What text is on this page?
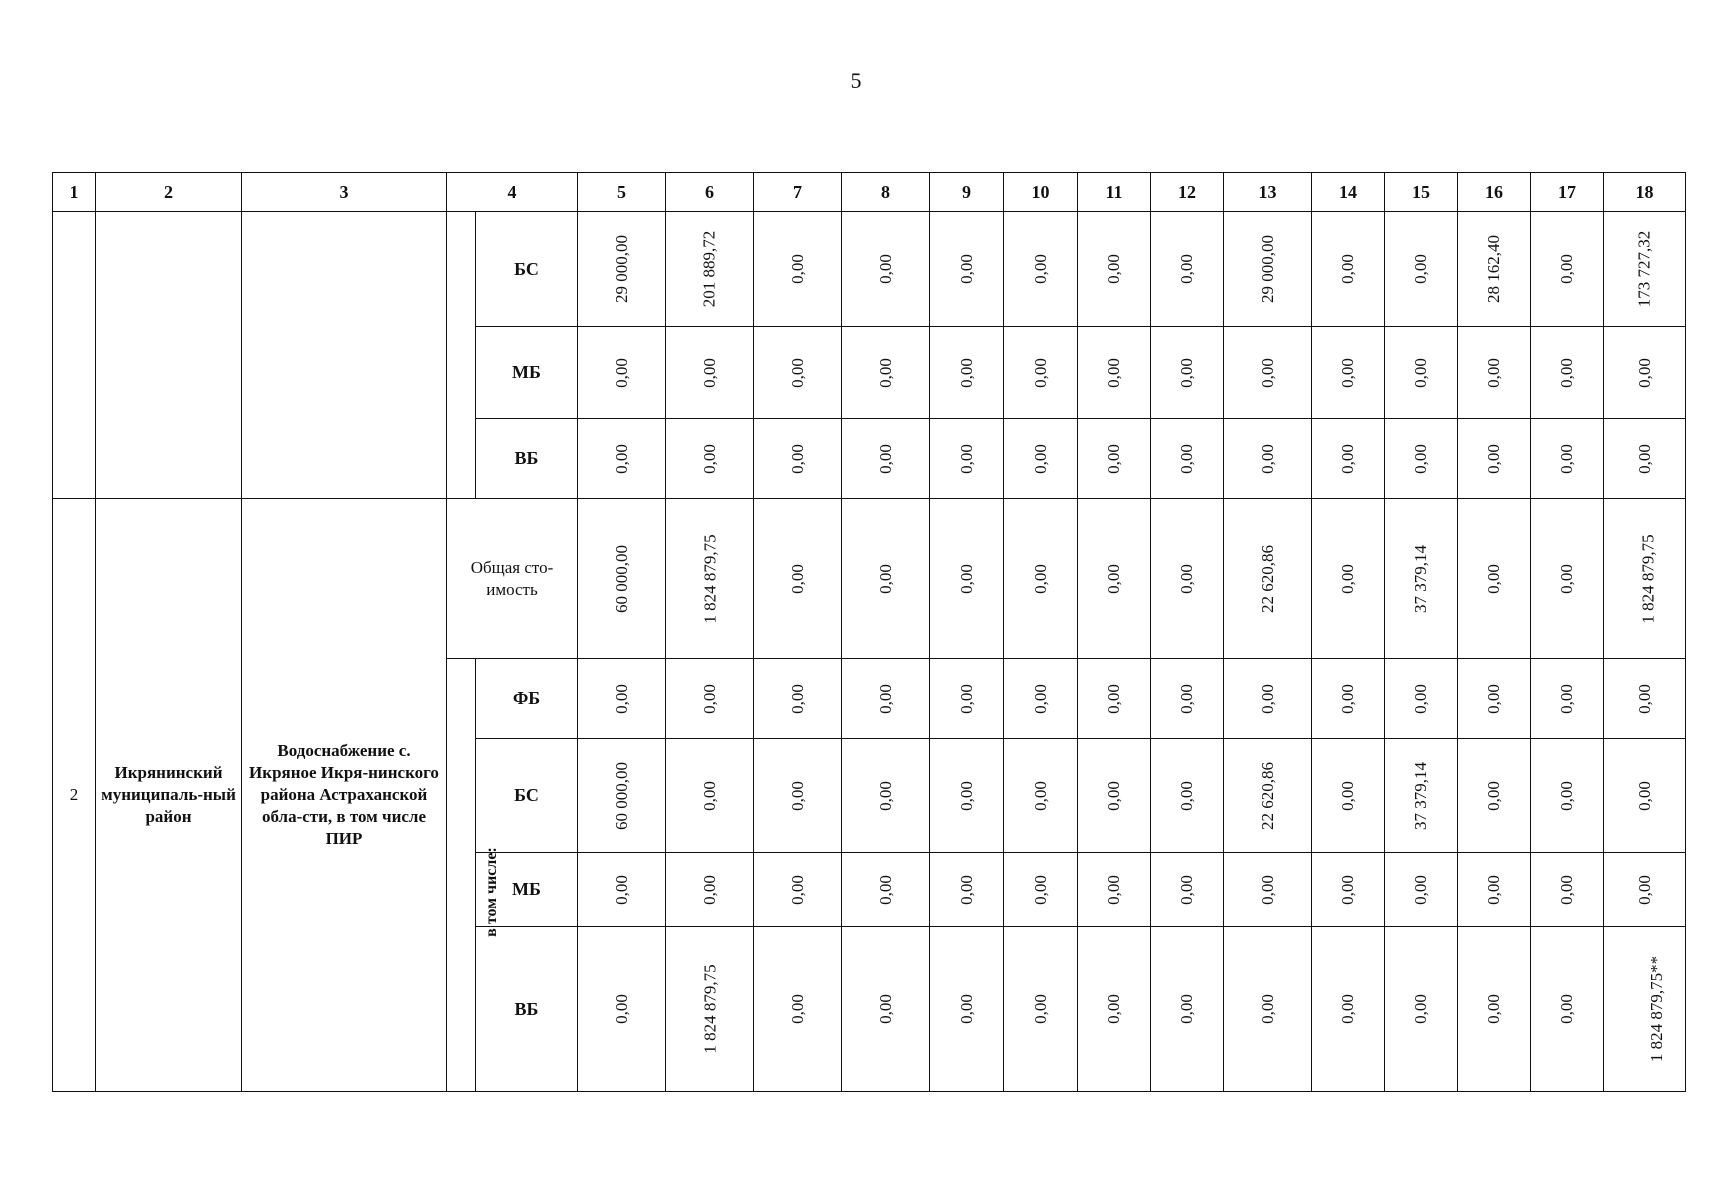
5
1	2	3	4		5	6	7	8	9	10	11	12	13	14	15	16	17	18
				БС	29 000,00	201 889,72	0,00	0,00	0,00	0,00	0,00	0,00	29 000,00	0,00	0,00	28 162,40	0,00	173 727,32
				МБ	0,00	0,00	0,00	0,00	0,00	0,00	0,00	0,00	0,00	0,00	0,00	0,00	0,00	0,00
				ВБ	0,00	0,00	0,00	0,00	0,00	0,00	0,00	0,00	0,00	0,00	0,00	0,00	0,00	0,00
2	Икрянинский муниципаль-ный район	Водоснабжение с. Икряное Икря-нинского района Астраханской обла-сти, в том числе ПИР	Общая сто-имость		60 000,00	1 824 879,75	0,00	0,00	0,00	0,00	0,00	0,00	22 620,86	0,00	37 379,14	0,00	0,00	1 824 879,75
			в том числе:	ФБ	0,00	0,00	0,00	0,00	0,00	0,00	0,00	0,00	0,00	0,00	0,00	0,00	0,00	0,00
				БС	60 000,00	0,00	0,00	0,00	0,00	0,00	0,00	0,00	22 620,86	0,00	37 379,14	0,00	0,00	0,00
				МБ	0,00	0,00	0,00	0,00	0,00	0,00	0,00	0,00	0,00	0,00	0,00	0,00	0,00	0,00
				ВБ	0,00	1 824 879,75	0,00	0,00	0,00	0,00	0,00	0,00	0,00	0,00	0,00	0,00	0,00	1 824 879,75**
